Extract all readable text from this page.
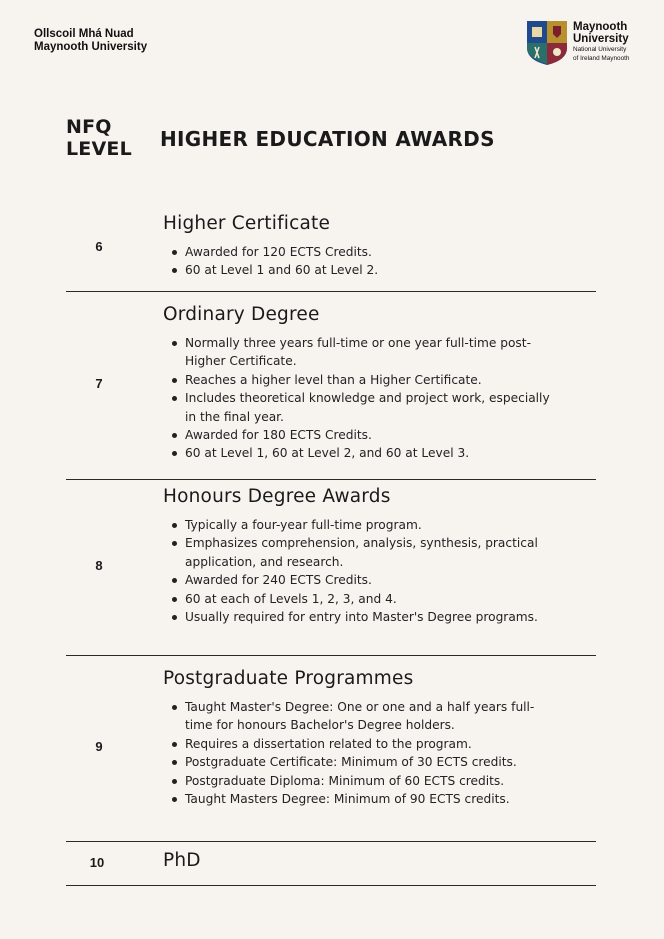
Ollscoil Mhá Nuad
Maynooth University
Maynooth
University
National University
of Ireland Maynooth
NFQ
LEVEL HIGHER EDUCATION AWARDS
6
Higher Certificate
Awarded for 120 ECTS Credits.
60 at Level 1 and 60 at Level 2.
7
Ordinary Degree
Normally three years full-time or one year full-time post-Higher Certificate.
Reaches a higher level than a Higher Certificate.
Includes theoretical knowledge and project work, especially in the final year.
Awarded for 180 ECTS Credits.
60 at Level 1, 60 at Level 2, and 60 at Level 3.
8
Honours Degree Awards
Typically a four-year full-time program.
Emphasizes comprehension, analysis, synthesis, practical application, and research.
Awarded for 240 ECTS Credits.
60 at each of Levels 1, 2, 3, and 4.
Usually required for entry into Master's Degree programs.
9
Postgraduate Programmes
Taught Master's Degree: One or one and a half years full-time for honours Bachelor's Degree holders.
Requires a dissertation related to the program.
Postgraduate Certificate: Minimum of 30 ECTS credits.
Postgraduate Diploma: Minimum of 60 ECTS credits.
Taught Masters Degree: Minimum of 90 ECTS credits.
10	PhD
